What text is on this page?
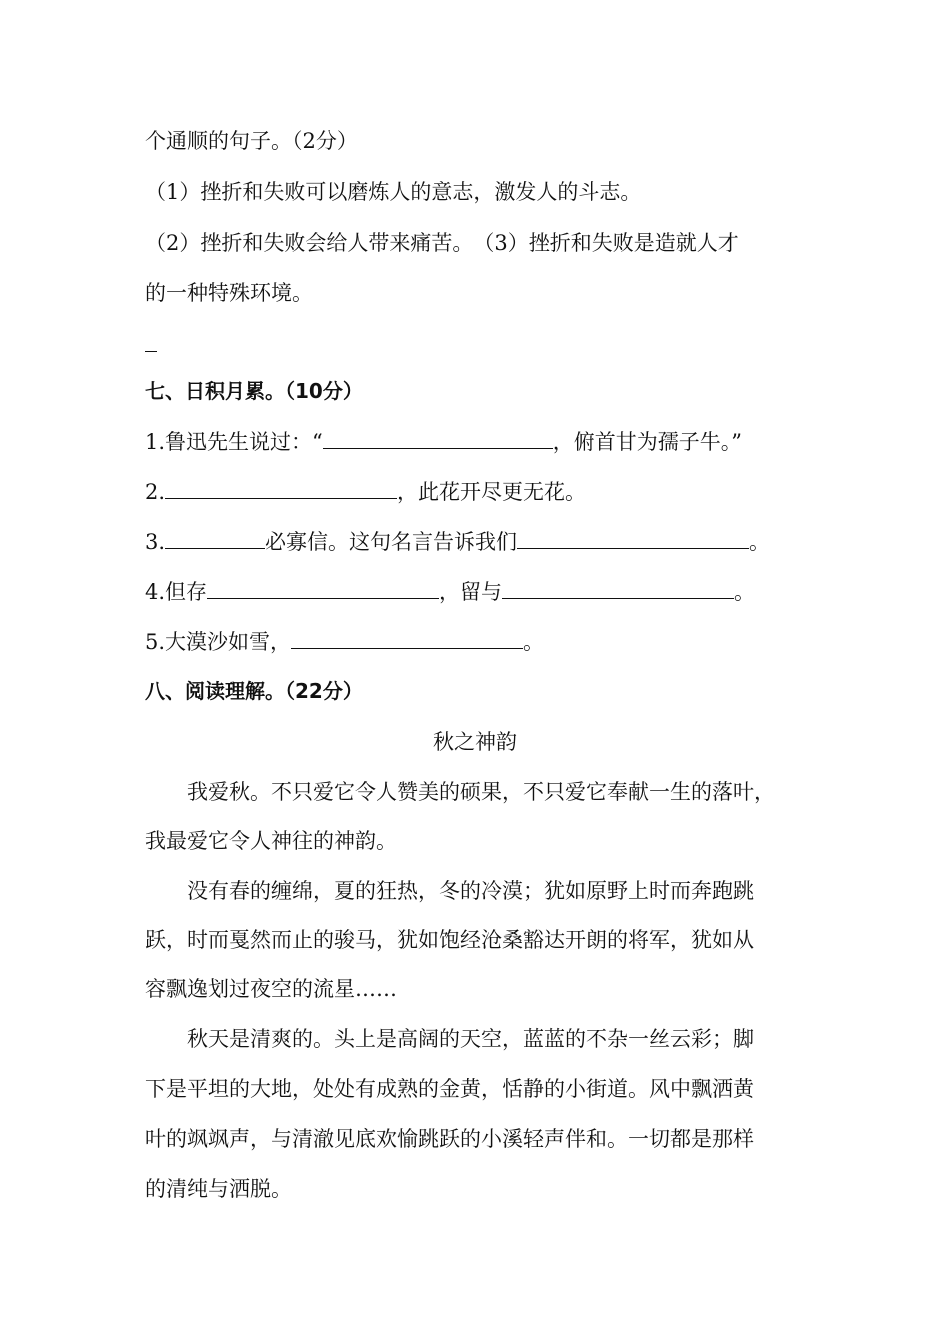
个通顺的句子。（2分）
（1）挫折和失败可以磨炼人的意志，激发人的斗志。
（2）挫折和失败会给人带来痛苦。　（3）挫折和失败是造就人才
的一种特殊环境。
七、日积月累。（10分）
1.鲁迅先生说过：“	，俯首甘为孺子牛。”
2.	，此花开尽更无花。
3.	必寡信。这句名言告诉我们	。
4.但存	，留与	。
5.大漠沙如雪，	。
八、阅读理解。（22分）
秋之神韵
　　我爱秋。不只爱它令人赞美的硕果，不只爱它奉献一生的落叶，
我最爱它令人神往的神韵。
　　没有春的缠绵，夏的狂热，冬的冷漠；犹如原野上时而奔跑跳
跃，时而戛然而止的骏马，犹如饱经沧桑豁达开朗的将军，犹如从
容飘逸划过夜空的流星……
　　秋天是清爽的。头上是高阔的天空，蓝蓝的不杂一丝云彩；脚
下是平坦的大地，处处有成熟的金黄，恬静的小街道。风中飘洒黄
叶的飒飒声，与清澈见底欢愉跳跃的小溪轻声伴和。一切都是那样
的清纯与洒脱。
